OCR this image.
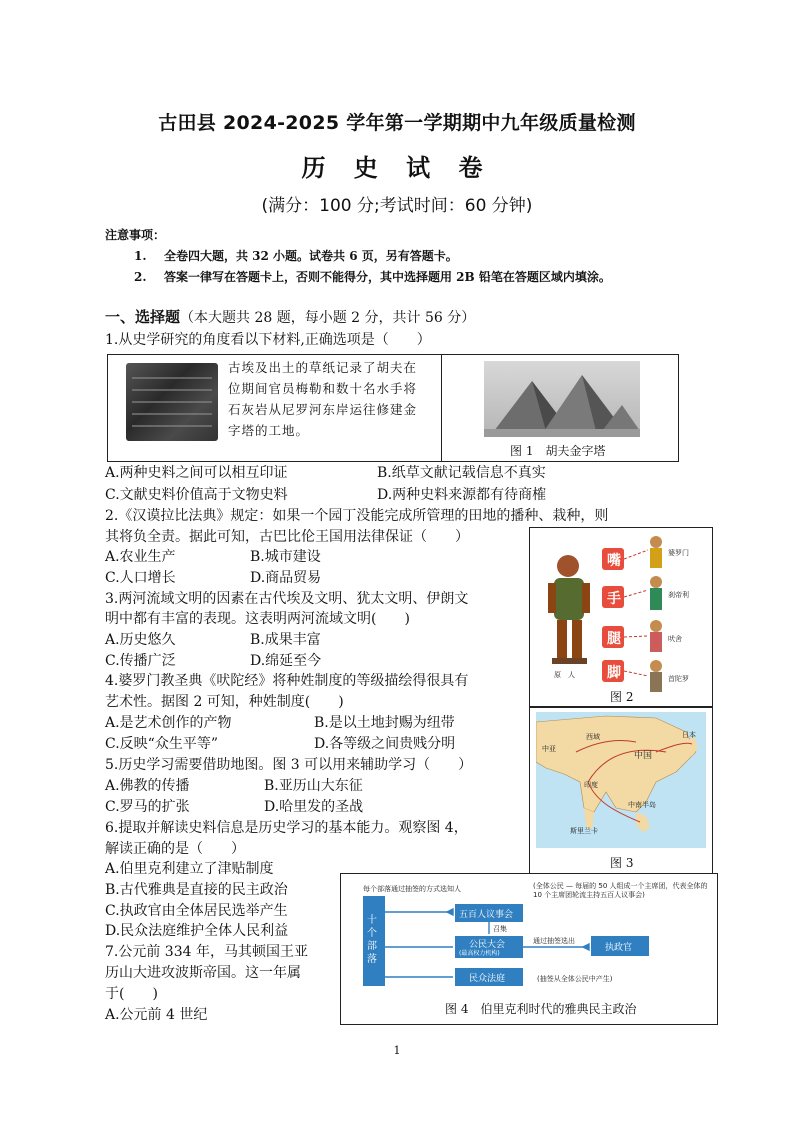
古田县 2024-2025 学年第一学期期中九年级质量检测
历 史 试 卷
(满分：100 分;考试时间：60 分钟)
注意事项：
1. 全卷四大题，共 32 小题。试卷共 6 页，另有答题卡。
2. 答案一律写在答题卡上，否则不能得分，其中选择题用 2B 铅笔在答题区域内填涂。
一、选择题（本大题共 28 题，每小题 2 分，共计 56 分）
1.从史学研究的角度看以下材料,正确选项是（　　）
古埃及出土的草纸记录了胡夫在
位期间官员梅勒和数十名水手将
石灰岩从尼罗河东岸运往修建金
字塔的工地。
图 1　胡夫金字塔
A.两种史料之间可以相互印证	B.纸草文献记载信息不真实
C.文献史料价值高于文物史料	D.两种史料来源都有待商榷
2.《汉谟拉比法典》规定：如果一个园丁没能完成所管理的田地的播种、栽种，则
其将负全责。据此可知，古巴比伦王国用法律保证（　　）
A.农业生产	B.城市建设
C.人口增长	D.商品贸易
3.两河流域文明的因素在古代埃及文明、犹太文明、伊朗文
明中都有丰富的表现。这表明两河流域文明(　　)
A.历史悠久	B.成果丰富
C.传播广泛	D.绵延至今
4.婆罗门教圣典《吠陀经》将种姓制度的等级描绘得很具有
艺术性。据图 2 可知，种姓制度(　　)
A.是艺术创作的产物	B.是以土地封赐为纽带
C.反映“众生平等”	D.各等级之间贵贱分明
5.历史学习需要借助地图。图 3 可以用来辅助学习（　　）
A.佛教的传播	B.亚历山大东征
C.罗马的扩张	D.哈里发的圣战
6.提取并解读史料信息是历史学习的基本能力。观察图 4，
解读正确的是（　　）
A.伯里克利建立了津贴制度
B.古代雅典是直接的民主政治
C.执政官由全体居民选举产生
D.民众法庭维护全体人民利益
7.公元前 334 年，马其顿国王亚
历山大进攻波斯帝国。这一年属
于(　　)
A.公元前 4 世纪
嘴
手
腿
脚
婆罗门
刹帝利
吠舍
首陀罗
原　人
图 2
中国
印度
中亚
日本
西域
斯里兰卡
中南半岛
图 3
十个部落
每个部落通过抽签的方式选知人
五百人议事会
公民大会
(最高权力机构)
民众法庭
执政官
召集
通过抽签选出
(全体公民 — 每届的 50 人组成一个主席团，代表全体的 10 个主席团轮流主持五百人议事会)
(抽签从全体公民中产生)
图 4　伯里克利时代的雅典民主政治
1
